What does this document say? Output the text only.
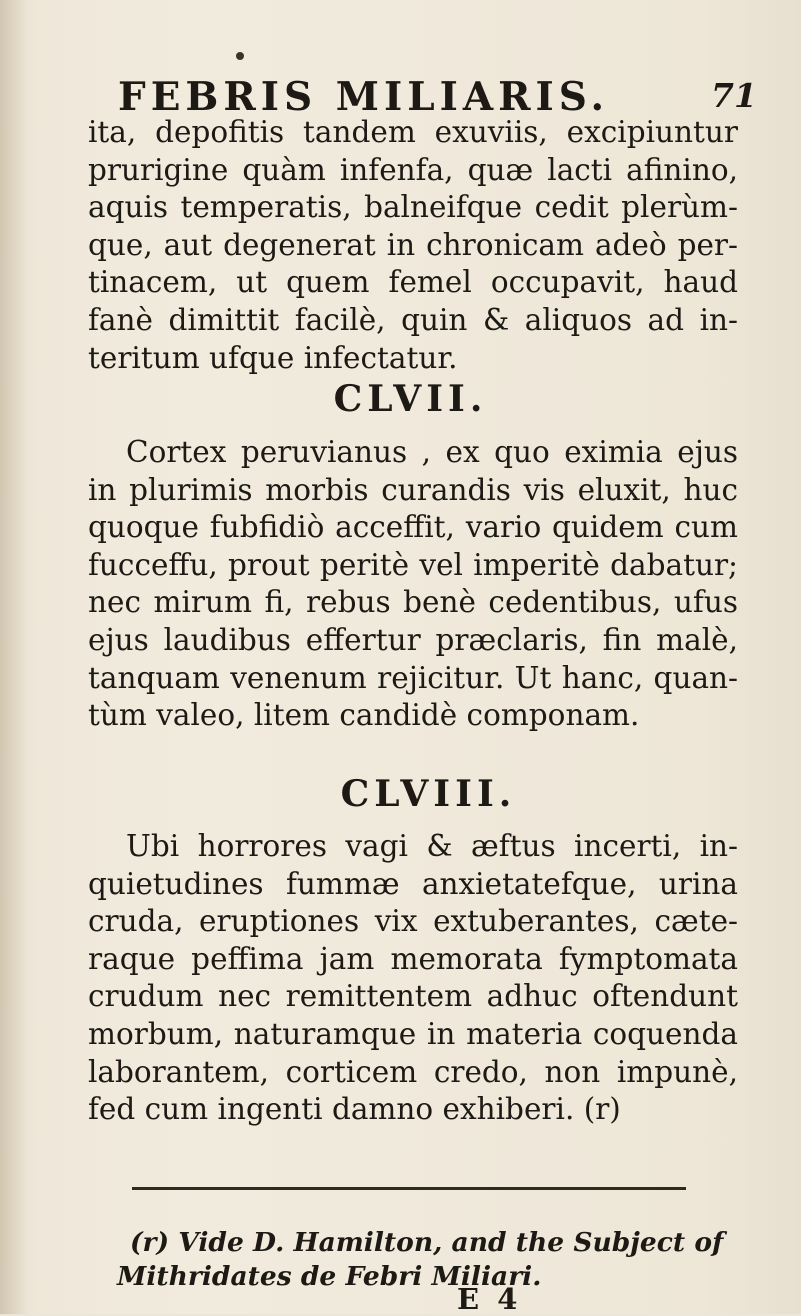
FEBRIS MILIARIS.	71
ita, depofitis tandem exuviis, excipiuntur
prurigine quàm infenfa, quæ lacti afinino,
aquis temperatis, balneifque cedit plerùm-
que, aut degenerat in chronicam adeò per-
tinacem, ut quem femel occupavit, haud
fanè dimittit facilè, quin & aliquos ad in-
teritum ufque infectatur.
CLVII.
Cortex peruvianus , ex quo eximia ejus
in plurimis morbis curandis vis eluxit, huc
quoque fubfidiò acceffit, vario quidem cum
fucceffu, prout peritè vel imperitè dabatur;
nec mirum fi, rebus benè cedentibus, ufus
ejus laudibus effertur præclaris, fin malè,
tanquam venenum rejicitur. Ut hanc, quan-
tùm valeo, litem candidè componam.
CLVIII.
Ubi horrores vagi & æftus incerti, in-
quietudines fummæ anxietatefque, urina
cruda, eruptiones vix extuberantes, cæte-
raque peffima jam memorata fymptomata
crudum nec remittentem adhuc oftendunt
morbum, naturamque in materia coquenda
laborantem, corticem credo, non impunè,
fed cum ingenti damno exhiberi. (r)
(r) Vide D. Hamilton, and the Subject of
Mithridates de Febri Miliari.
E 4
